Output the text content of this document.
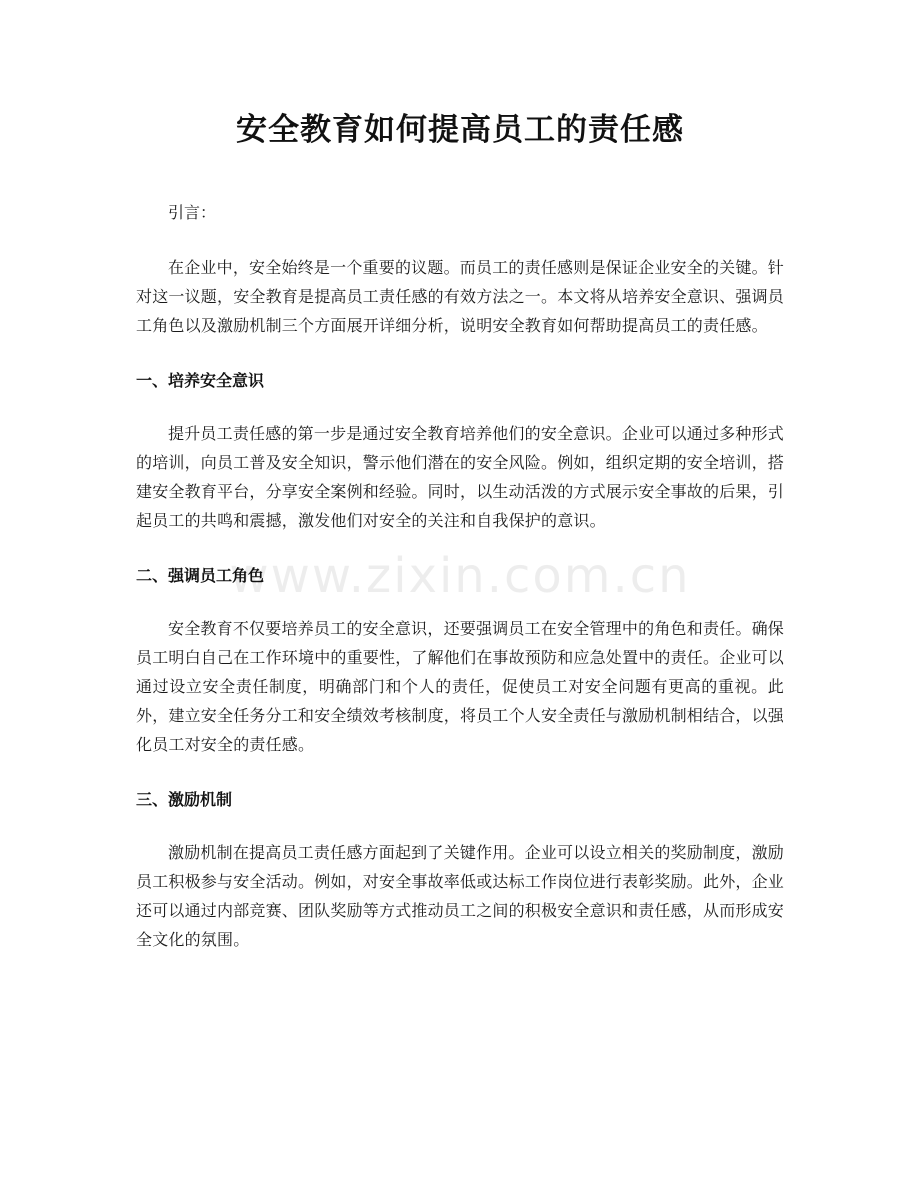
安全教育如何提高员工的责任感

引言：

在企业中，安全始终是一个重要的议题。而员工的责任感则是保证企业安全的关键。针对这一议题，安全教育是提高员工责任感的有效方法之一。本文将从培养安全意识、强调员工角色以及激励机制三个方面展开详细分析，说明安全教育如何帮助提高员工的责任感。

一、培养安全意识

提升员工责任感的第一步是通过安全教育培养他们的安全意识。企业可以通过多种形式的培训，向员工普及安全知识，警示他们潜在的安全风险。例如，组织定期的安全培训，搭建安全教育平台，分享安全案例和经验。同时，以生动活泼的方式展示安全事故的后果，引起员工的共鸣和震撼，激发他们对安全的关注和自我保护的意识。

二、强调员工角色

安全教育不仅要培养员工的安全意识，还要强调员工在安全管理中的角色和责任。确保员工明白自己在工作环境中的重要性，了解他们在事故预防和应急处置中的责任。企业可以通过设立安全责任制度，明确部门和个人的责任，促使员工对安全问题有更高的重视。此外，建立安全任务分工和安全绩效考核制度，将员工个人安全责任与激励机制相结合，以强化员工对安全的责任感。

三、激励机制

激励机制在提高员工责任感方面起到了关键作用。企业可以设立相关的奖励制度，激励员工积极参与安全活动。例如，对安全事故率低或达标工作岗位进行表彰奖励。此外，企业还可以通过内部竞赛、团队奖励等方式推动员工之间的积极安全意识和责任感，从而形成安全文化的氛围。

www.zixin.com.cn
